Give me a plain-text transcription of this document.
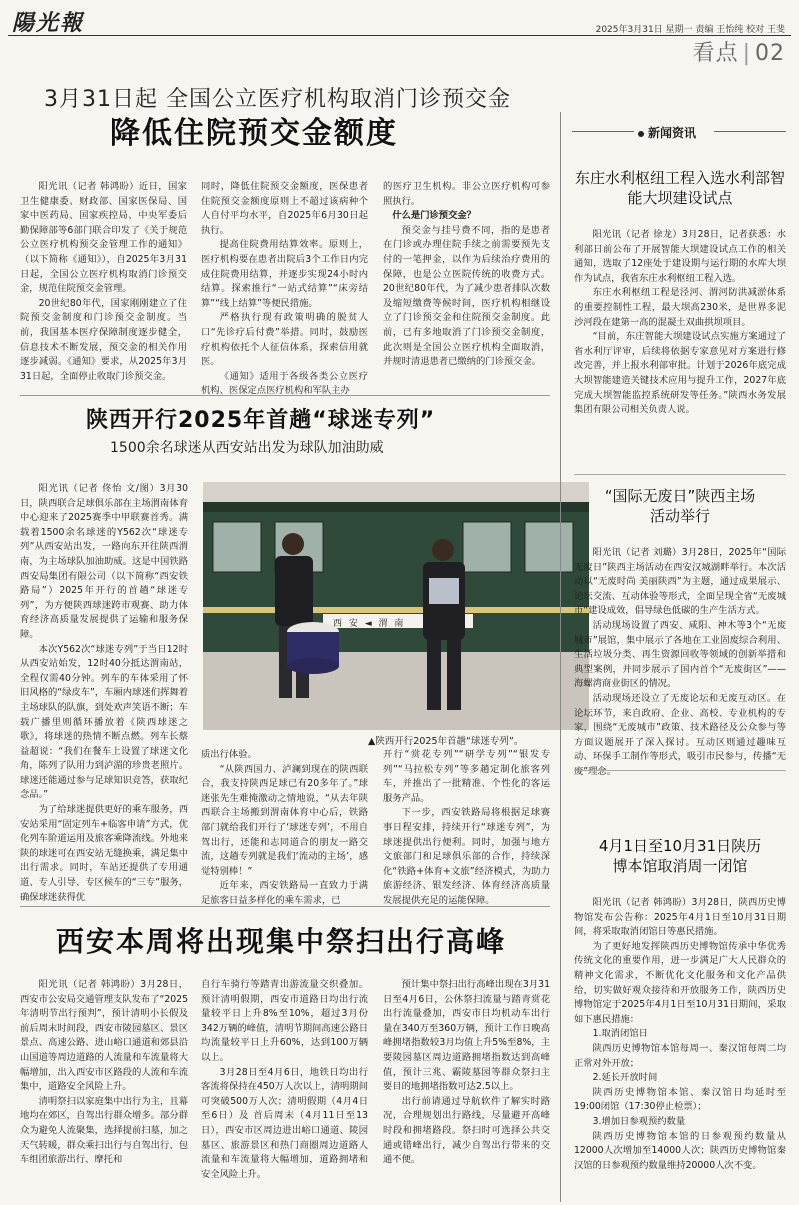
陽光報	2025年3月31日 星期一 责编 王怡纯 校对 王斐
看点 | 02
3月31日起 全国公立医疗机构取消门诊预交金
降低住院预交金额度

阳光讯（记者 韩鸿盼）近日，国家卫生健康委、财政部、国家医保局、国家中医药局、国家疾控局、中央军委后勤保障部等6部门联合印发了《关于规范公立医疗机构预交金管理工作的通知》（以下简称《通知》），自2025年3月31日起，全国公立医疗机构取消门诊预交金，规范住院预交金管理。

20世纪80年代，国家刚刚建立了住院预交金制度和门诊预交金制度。当前，我国基本医疗保障制度逐步健全，信息技术不断发展，预交金的相关作用逐步减弱。《通知》要求，从2025年3月31日起，全面停止收取门诊预交金。

同时，降低住院预交金额度，医保患者住院预交金额度原则上不超过该病种个人自付平均水平，自2025年6月30日起执行。

提高住院费用结算效率。原则上，医疗机构要在患者出院后3个工作日内完成住院费用结算，并逐步实现24小时内结算。探索推行“一站式结算”“床旁结算”“线上结算”等便民措施。

严格执行现有政策明确的脱贫人口“先诊疗后付费”举措。同时，鼓励医疗机构依托个人征信体系，探索信用就医。

《通知》适用于各级各类公立医疗机构、医保定点医疗机构和军队主办

的医疗卫生机构。非公立医疗机构可参照执行。

什么是门诊预交金？

预交金与挂号费不同，指的是患者在门诊或办理住院手续之前需要预先支付的一笔押金，以作为后续治疗费用的保障，也是公立医院传统的收费方式。20世纪80年代，为了减少患者排队次数及缩短缴费等候时间，医疗机构相继设立了门诊预交金和住院预交金制度。此前，已有多地取消了门诊预交金制度，此次则是全国公立医疗机构全面取消，并规时清退患者已缴纳的门诊预交金。

陕西开行2025年首趟“球迷专列”
1500余名球迷从西安站出发为球队加油助威

阳光讯（记者 佟怡 文/图）3月30日，陕西联合足球俱乐部在主场渭南体育中心迎来了2025赛季中甲联赛首秀。满载着1500余名球迷的Y562次“球迷专列”从西安站出发，一路向东开往陕西渭南，为主场球队加油助威。这是中国铁路西安局集团有限公司（以下简称“西安铁路局”）2025年开行的首趟“球迷专列”，为方便陕西球迷跨市观赛、助力体育经济高质量发展提供了运输和服务保障。

本次Y562次“球迷专列”于当日12时从西安站始发，12时40分抵达渭南站，全程仅需40分钟。列车的车体采用了怀旧风格的“绿皮车”，车厢内球迷们挥舞着主场球队的队旗，到处欢声笑语不断；车载广播里则循环播放着《陕西球迷之歌》，将球迷的热情不断点燃。列车长蔡益超说：“我们在餐车上设置了球迷文化角，陈列了队用力到泸湄的珍贵老照片。球迷还能通过参与足球知识竞答，获取纪念品。”

为了给球迷提供更好的乘车服务，西安站采用“固定列车+临客申请”方式，优化列车阶道运用及旅客乘降流线。外地来陕的球迷可在西安站无缝换乘，满足集中出行需求。同时，车站还提供了专用通道、专人引导、专区候车的“三专”服务，确保球迷获得优

西 安 ◄ 渭 南
▲陕西开行2025年首趟“球迷专列”。

质出行体验。

“从陕西国力、泸澜到现在的陕西联合，我支持陕西足球已有20多年了。”球迷张先生难掩激动之情地说，“从去年陕西联合主场搬到渭南体育中心后，铁路部门就给我们开行了‘球迷专列’，不用自驾出行，还能和志同道合的朋友一路交流，这趟专列就是我们‘流动的主场’，感觉特别棒！”

近年来，西安铁路局一直致力于满足旅客日益多样化的乘车需求，已

开行“赏花专列”“研学专列”“银发专列”“马拉松专列”等多趟定制化旅客列车，并推出了一批精准、个性化的客运服务产品。

下一步，西安铁路局将根据足球赛事日程安排，持续开行“球迷专列”，为球迷提供出行便利。同时，加强与地方文旅部门和足球俱乐部的合作，持续深化“铁路+体育+文旅”经济模式，为助力旅游经济、银发经济、体育经济高质量发展提供充足的运能保障。

西安本周将出现集中祭扫出行高峰

阳光讯（记者 韩鸿盼）3月28日，西安市公安局交通管理支队发布了“2025年清明节出行预判”，预计清明小长假及前后周末时间段，西安市陵园墓区、景区景点、高速公路、进山峪口通道和郊县沿山国道等周边道路的人流量和车流量将大幅增加，出入西安市区路段的人流和车流集中，道路安全风险上升。

清明祭扫以家庭集中出行为主，且幕地均在郊区，自驾出行群众增多。部分群众为避免人流聚集，选择提前扫墓，加之天气转暖，群众乘扫出行与自驾出行、包车组团旅游出行、摩托和

自行车骑行等踏青出游流量交织叠加。预计清明假期，西安市道路日均出行流量较平日上升8%至10%，超过3月份342万辆的峰值，清明节期间高速公路日均流量较平日上升60%，达到100万辆以上。

3月28日至4月6日，地铁日均出行客流将保持在450万人次以上，清明期间可突破500万人次；清明假期（4月4日至6日）及 首后周末（4月11日至13日），西安市区周边进出峪口通道、陵园墓区、旅游景区和热门商圈周边道路人流量和车流量将大幅增加，道路拥堵和安全风险上升。

预计集中祭扫出行高峰出现在3月31日至4月6日，公休祭扫流量与踏青赏花出行流量叠加，西安市日均机动车出行量在340万至360万辆，预计工作日晚高峰拥堵指数较3月均值上升5%至8%，主要陵园墓区周边道路拥堵指数达到高峰值，预计三兆、霸陵墓园等群众祭扫主要目的地拥堵指数可达2.5以上。

出行前请通过导航软件了解实时路况，合理规划出行路线，尽量避开高峰时段和拥堵路段。祭扫时可选择公共交通或错峰出行，减少自驾出行带来的交通不便。

新闻资讯
东庄水利枢纽工程入选水利部智能大坝建设试点

阳光讯（记者 徐龙）3月28日，记者获悉：水利部日前公布了开展智能大坝建设试点工作的相关通知，选取了12座处于建设期与运行期的水库大坝作为试点，我省东庄水利枢纽工程入选。

东庄水利枢纽工程是泾河、渭河防洪减淤体系的重要控制性工程，最大坝高230米，是世界多泥沙河段在建第一高的混凝土双曲拱坝项目。

“目前，东庄智能大坝建设试点实施方案通过了省水利厅评审，后续将依据专家意见对方案进行修改完善，并上报水利部审批。计划于2026年底完成大坝智能建造关键技术应用与提升工作，2027年底完成大坝智能监控系统研发等任务。”陕西水务发展集团有限公司相关负责人说。

“国际无废日”陕西主场活动举行

阳光讯（记者 刘璐）3月28日，2025年“国际无废日”陕西主场活动在西安汉城湖畔举行。本次活动以“无废时尚 美丽陕西”为主题，通过成果展示、论坛交流、互动体验等形式，全面呈现全省“无废城市”建设成效，倡导绿色低碳的生产生活方式。

活动现场设置了西安、咸阳、神木等3个“无废城市”展馆，集中展示了各地在工业固废综合利用、生活垃圾分类、再生资源回收等领域的创新举措和典型案例，并同步展示了国内首个“无废街区”——海螺湾商业街区的情况。

活动现场还设立了无废论坛和无废互动区。在论坛环节，来自政府、企业、高校、专业机构的专家，围绕“无废城市”政策、技术路径及公众参与等方面议题展开了深入探讨。互动区则通过趣味互动、环保手工制作等形式，吸引市民参与，传播“无废”理念。

4月1日至10月31日陕历博本馆取消周一闭馆

阳光讯（记者 韩鸿盼）3月28日，陕西历史博物馆发布公告称：2025年4月1日至10月31日期间，将采取取消闭馆日等惠民措施。

为了更好地发挥陕西历史博物馆传承中华优秀传统文化的重要作用，进一步满足广大人民群众的精神文化需求，不断优化文化服务和文化产品供给，切实做好观众接待和开放服务工作，陕西历史博物馆定于2025年4月1日至10月31日期间，采取如下惠民措施：

1.取消闭馆日

陕西历史博物馆本馆每周一、秦汉馆每周二均正常对外开放；

2.延长开放时间

陕西历史博物馆本馆、秦汉馆日均延时至19:00闭馆（17:30停止检票）；

3.增加日参观预约数量

陕西历史博物馆本馆的日参观预约数量从12000人次增加至14000人次；陕西历史博物馆秦汉馆的日参观预约数量维持20000人次不变。
